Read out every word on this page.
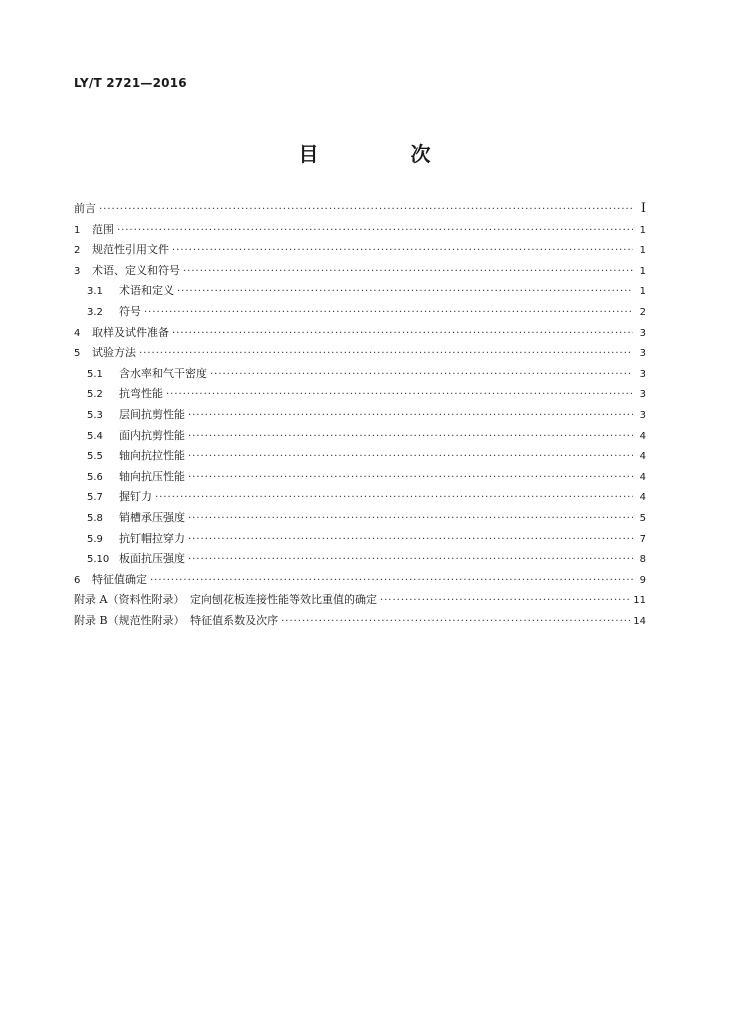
LY/T 2721—2016
目　次
前言 ·····	Ⅰ
1	范围 ·····	1
2	规范性引用文件 ·····	1
3	术语、定义和符号 ·····	1
3.1	术语和定义 ·····	1
3.2	符号 ·····	2
4	取样及试件准备 ·····	3
5	试验方法 ·····	3
5.1	含水率和气干密度 ·····	3
5.2	抗弯性能 ·····	3
5.3	层间抗剪性能 ·····	3
5.4	面内抗剪性能 ·····	4
5.5	轴向抗拉性能 ·····	4
5.6	轴向抗压性能 ·····	4
5.7	握钉力 ·····	4
5.8	销槽承压强度 ·····	5
5.9	抗钉帽拉穿力 ·····	7
5.10 板面抗压强度 ·····	8
6	特征值确定 ·····	9
附录 A（资料性附录）　定向刨花板连接性能等效比重值的确定 ·····	11
附录 B（规范性附录）　特征值系数及次序 ·····	14
